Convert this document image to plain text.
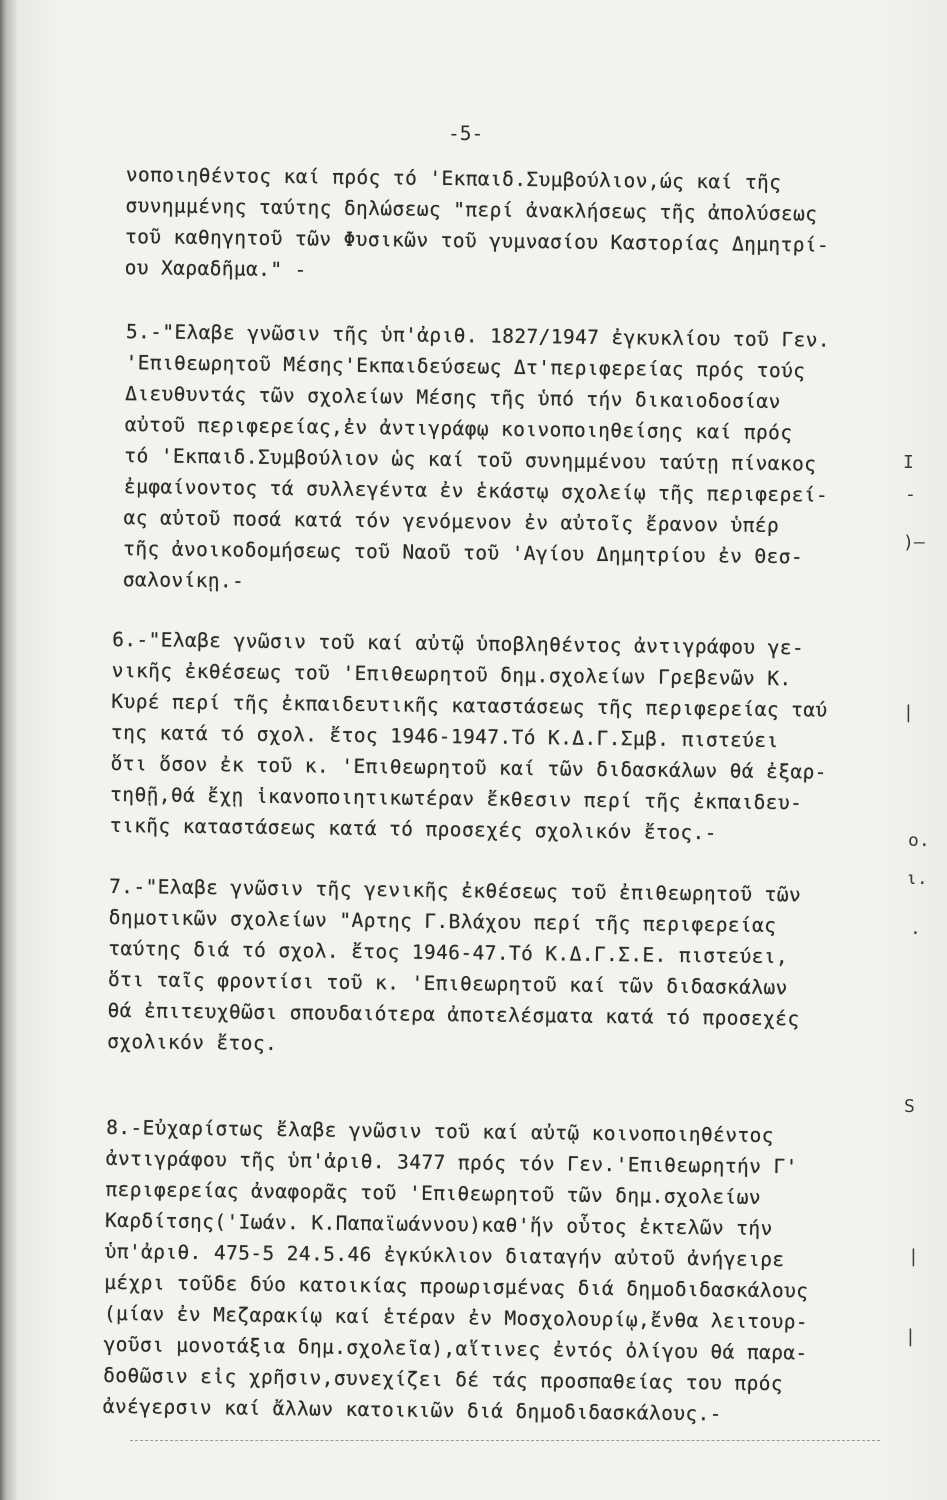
-5-
νοποιηθέντος καί πρός τό 'Εκπαιδ.Συμβούλιον,ώς καί τῆς
συνημμένης ταύτης δηλώσεως "περί ἀνακλήσεως τῆς ἀπολύσεως
τοῦ καθηγητοῦ τῶν Φυσικῶν τοῦ γυμνασίου Καστορίας Δημητρί-
ου Χαραδῆμα." -
5.-"Ελαβε γνῶσιν τῆς ὑπ'ἀριθ. 1827/1947 ἐγκυκλίου τοῦ Γεν.
'Επιθεωρητοῦ Μέσης'Εκπαιδεύσεως Δτ'περιφερείας πρός τούς
Διευθυντάς τῶν σχολείων Μέσης τῆς ὑπό τήν δικαιοδοσίαν
αὐτοῦ περιφερείας,ἐν ἀντιγράφῳ κοινοποιηθείσης καί πρός
τό 'Εκπαιδ.Συμβούλιον ὡς καί τοῦ συνημμένου ταύτῃ πίνακος
ἐμφαίνοντος τά συλλεγέντα ἐν ἑκάστῳ σχολείῳ τῆς περιφερεί-
ας αὐτοῦ ποσά κατά τόν γενόμενον ἐν αὐτοῖς ἔρανον ὑπέρ
τῆς ἀνοικοδομήσεως τοῦ Ναοῦ τοῦ 'Αγίου Δημητρίου ἐν Θεσ-
σαλονίκῃ.-
6.-"Ελαβε γνῶσιν τοῦ καί αὐτῷ ὑποβληθέντος ἀντιγράφου γε-
νικῆς ἐκθέσεως τοῦ 'Επιθεωρητοῦ δημ.σχολείων Γρεβενῶν Κ.
Κυρέ περί τῆς ἐκπαιδευτικῆς καταστάσεως τῆς περιφερείας ταύ
της κατά τό σχολ. ἔτος 1946-1947.Τό Κ.Δ.Γ.Σμβ. πιστεύει
ὅτι ὅσον ἐκ τοῦ κ. 'Επιθεωρητοῦ καί τῶν διδασκάλων θά ἐξαρ-
τηθῇ,θά ἔχῃ ἱκανοποιητικωτέραν ἔκθεσιν περί τῆς ἐκπαιδευ-
τικῆς καταστάσεως κατά τό προσεχές σχολικόν ἔτος.-
7.-"Ελαβε γνῶσιν τῆς γενικῆς ἐκθέσεως τοῦ ἐπιθεωρητοῦ τῶν
δημοτικῶν σχολείων "Αρτης Γ.Βλάχου περί τῆς περιφερείας
ταύτης διά τό σχολ. ἔτος 1946-47.Τό Κ.Δ.Γ.Σ.Ε. πιστεύει,
ὅτι ταῖς φροντίσι τοῦ κ. 'Επιθεωρητοῦ καί τῶν διδασκάλων
θά ἐπιτευχθῶσι σπουδαιότερα ἀποτελέσματα κατά τό προσεχές
σχολικόν ἔτος.
8.-Εὐχαρίστως ἔλαβε γνῶσιν τοῦ καί αὐτῷ κοινοποιηθέντος
ἀντιγράφου τῆς ὑπ'ἀριθ. 3477 πρός τόν Γεν.'Επιθεωρητήν Γ'
περιφερείας ἀναφορᾶς τοῦ 'Επιθεωρητοῦ τῶν δημ.σχολείων
Καρδίτσης('Ιωάν. Κ.Παπαϊωάννου)καθ'ἥν οὗτος ἐκτελῶν τήν
ὑπ'ἀριθ. 475-5 24.5.46 ἐγκύκλιον διαταγήν αὐτοῦ ἀνήγειρε
μέχρι τοῦδε δύο κατοικίας προωρισμένας διά δημοδιδασκάλους
(μίαν ἐν Μεζαρακίῳ καί ἑτέραν ἐν Μοσχολουρίῳ,ἔνθα λειτουρ-
γοῦσι μονοτάξια δημ.σχολεῖα),αἵτινες ἐντός ὀλίγου θά παρα-
δοθῶσιν εἰς χρῆσιν,συνεχίζει δέ τάς προσπαθείας του πρός
ἀνέγερσιν καί ἄλλων κατοικιῶν διά δημοδιδασκάλους.-
Ι
-
)—
|
ο.
ι.
.
S
|
|
